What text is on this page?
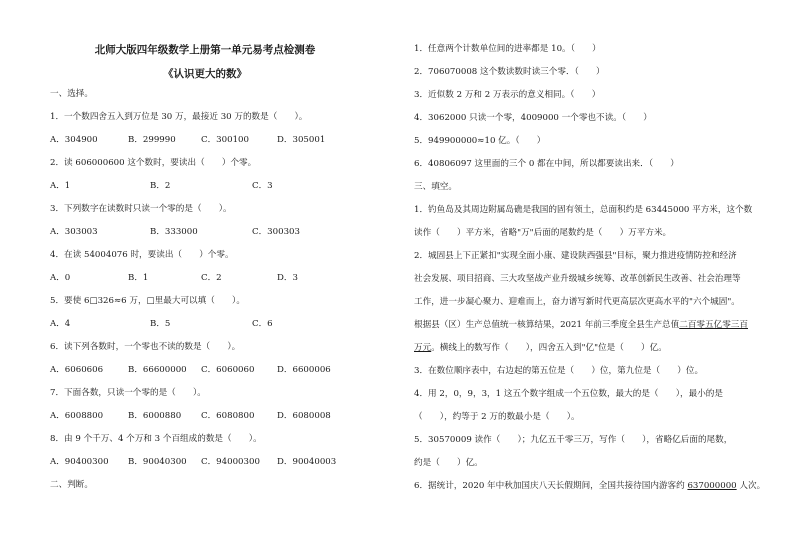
北师大版四年级数学上册第一单元易考点检测卷
《认识更大的数》
一、选择。
1．一个数四舍五入到万位是 30 万，最接近 30 万的数是（　　）。
A．304900	B．299990	C．300100	D．305001
2．读 606000600 这个数时，要读出（　　）个零。
A．1	B．2	C．3
3．下列数字在读数时只读一个零的是（　　）。
A．303003	B．333000	C．300303
4．在读 54004076 时，要读出（　　）个零。
A．0	B．1	C．2	D．3
5．要使 6□326≈6 万，□里最大可以填（　　）。
A．4	B．5	C．6
6．读下列各数时，一个零也不读的数是（　　）。
A．6060606	B．66600000 C．6060060	D．6600006
7．下面各数，只读一个零的是（　　）。
A．6008800	B．6000880 C．6080800	D．6080008
8．由 9 个千万、4 个万和 3 个百组成的数是（　　）。
A．90400300 B．90040300 C．94000300 D．90040003
二、判断。
1．任意两个计数单位间的进率都是 10。（　　）
2．706070008 这个数读数时读三个零．（　　）
3．近似数 2 万和 2 万表示的意义相同。（　　）
4．3062000 只读一个零，4009000 一个零也不读。（　　）
5．949900000≈10 亿。（　　）
6．40806097 这里面的三个 0 都在中间，所以都要读出来．（　　）
三、填空。
1．钓鱼岛及其周边附属岛礁是我国的固有领土，总面积约是 63445000 平方米，这个数
读作（　　）平方米，省略"万"后面的尾数约是（　　）万平方米。
2．城固县上下正紧扣"实现全面小康、建设陕西强县"目标，聚力推进疫情防控和经济
社会发展、项目招商、三大攻坚战产业升级城乡统筹、改革创新民生改善、社会治理等
工作，进一步凝心聚力、迎难而上，奋力谱写新时代更高层次更高水平的"六个城固"。
根据县（区）生产总值统一核算结果，2021 年前三季度全县生产总值二百零五亿零三百
万元。横线上的数写作（　　），四舍五入到"亿"位是（　　）亿。
3．在数位顺序表中，右边起的第五位是（　　）位，第九位是（　　）位。
4．用 2，0，9，3，1 这五个数字组成一个五位数，最大的是（　　），最小的是
（　　），约等于 2 万的数最小是（　　）。
5．30570009 读作（　　）；九亿五千零三万，写作（　　），省略亿后面的尾数，
约是（　　）亿。
6．据统计，2020 年中秋加国庆八天长假期间，全国共接待国内游客约 637000000 人次。
